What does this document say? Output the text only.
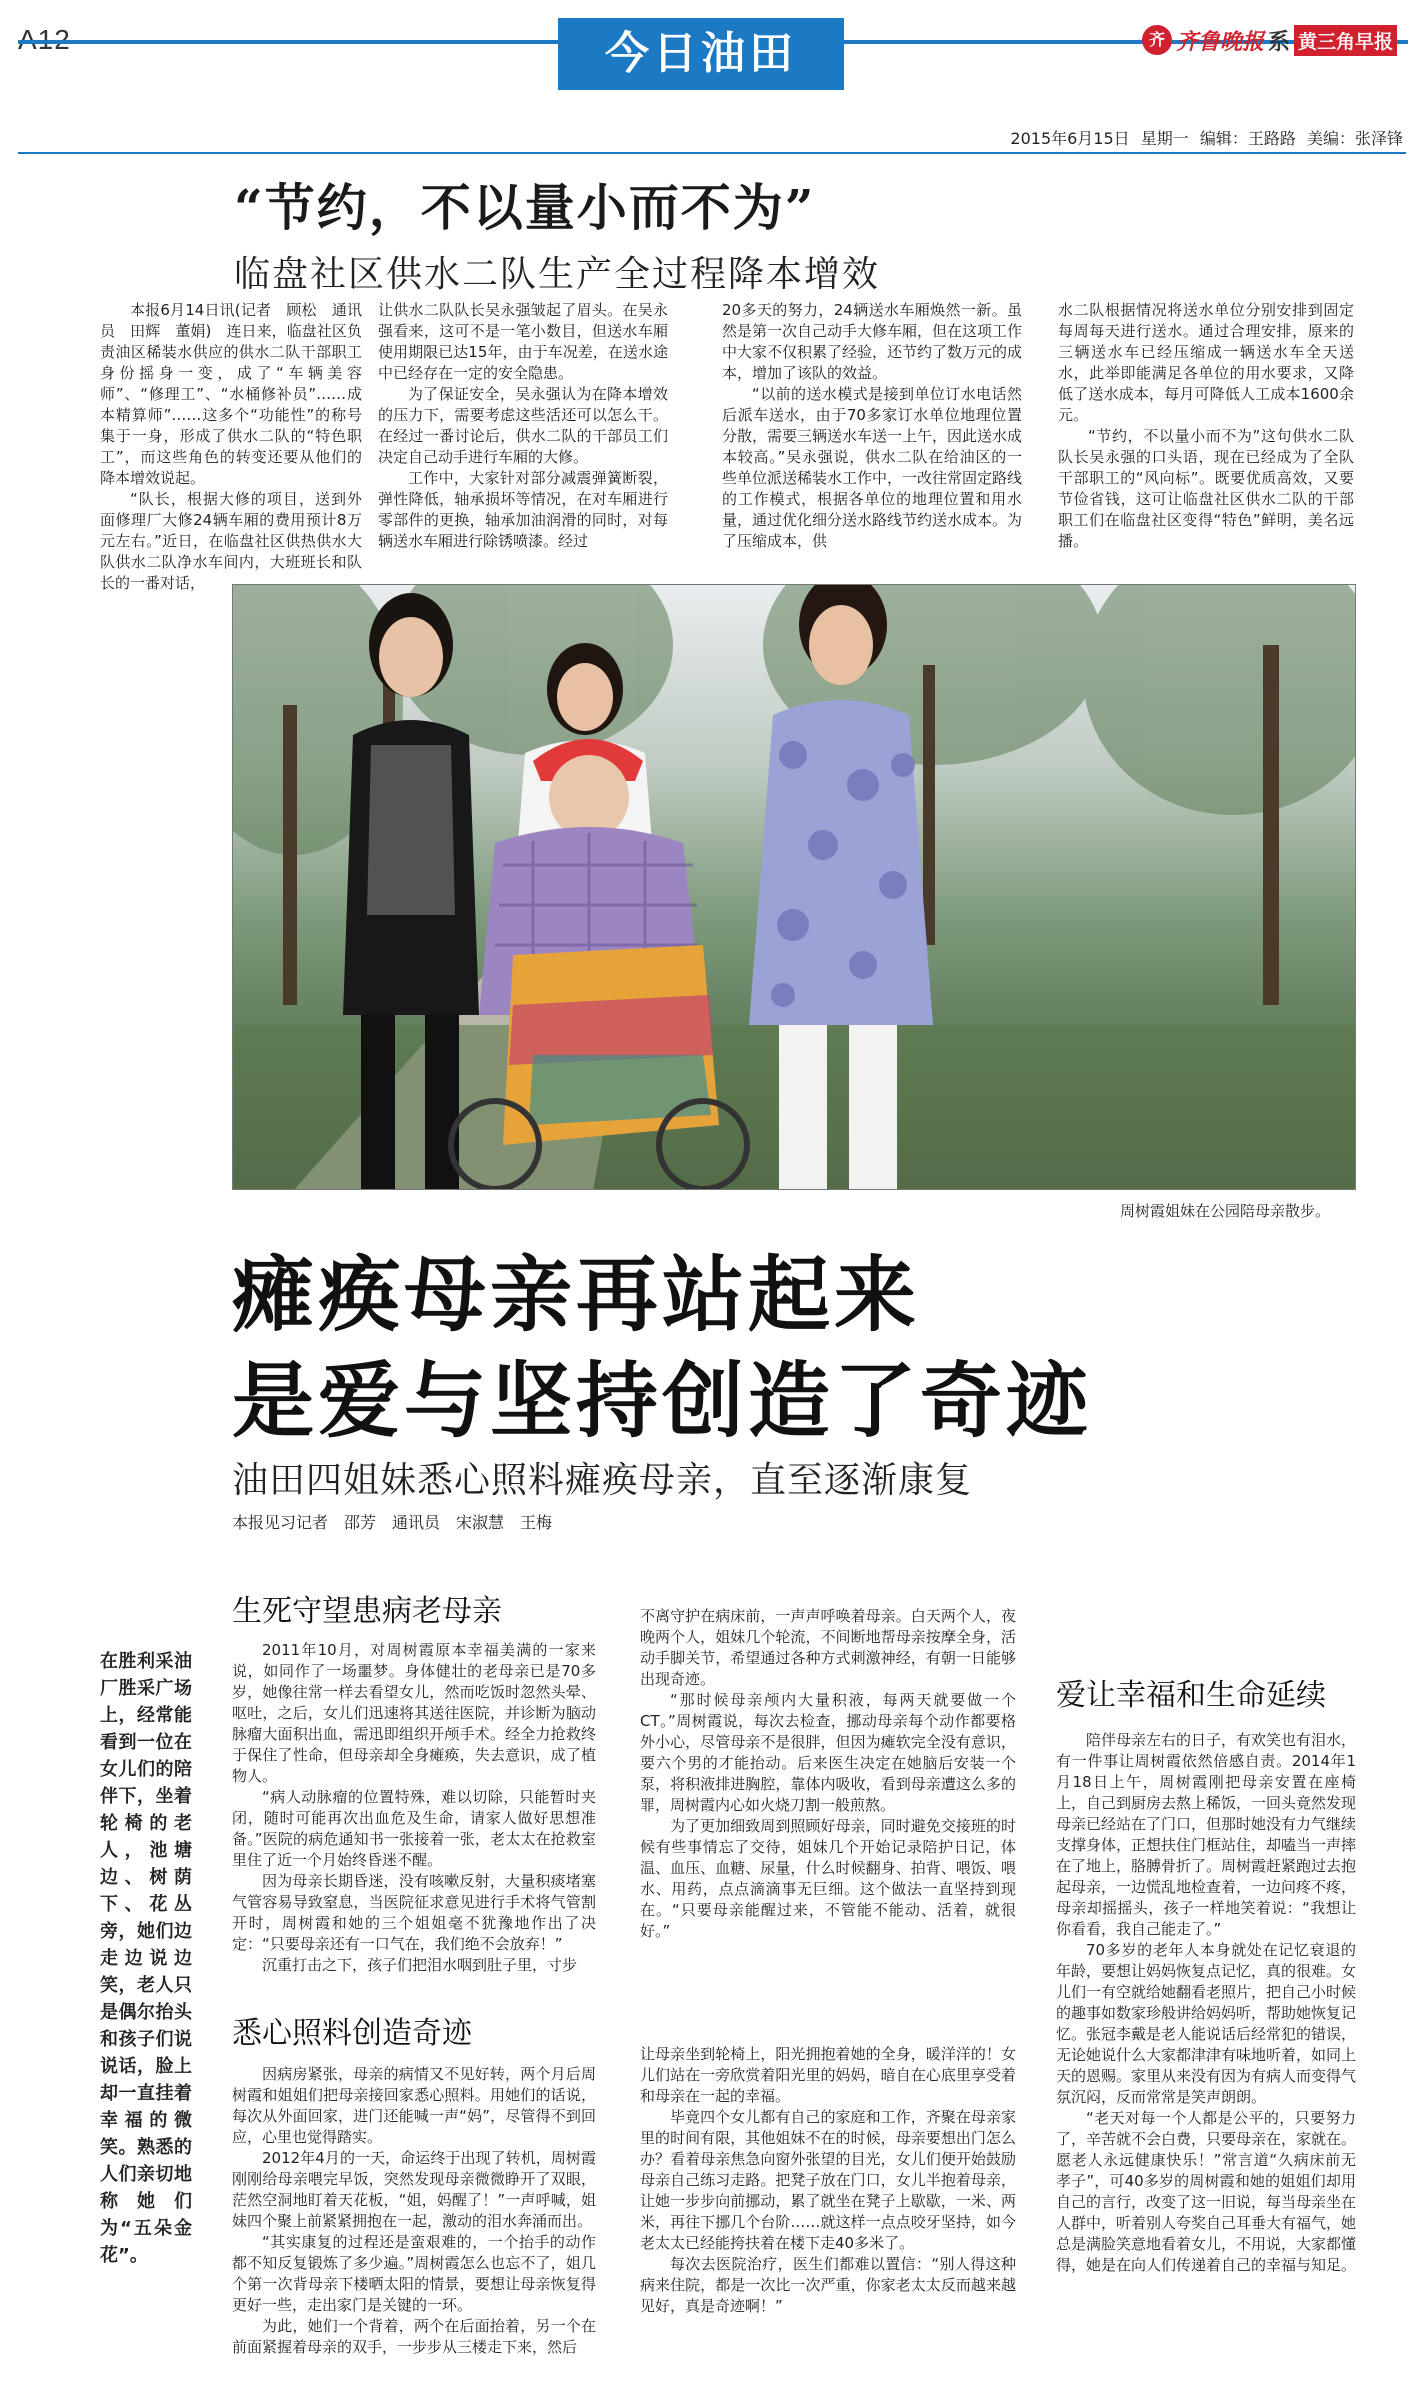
今日油田	齐 齐鲁晚报 系 黄三角早报
2015年6月15日 星期一 编辑：王路路 美编：张泽锋
“节约，不以量小而不为”
临盘社区供水二队生产全过程降本增效

本报6月14日讯(记者　顾松　通讯员　田辉　董娟)　连日来，临盘社区负责油区稀装水供应的供水二队干部职工身份摇身一变，成了“车辆美容师”、“修理工”、“水桶修补员”……成本精算师”……这多个“功能性”的称号集于一身，形成了供水二队的“特色职工”，而这些角色的转变还要从他们的降本增效说起。

“队长，根据大修的项目，送到外面修理厂大修24辆车厢的费用预计8万元左右。”近日，在临盘社区供热供水大队供水二队净水车间内，大班班长和队长的一番对话，

让供水二队队长吴永强皱起了眉头。在吴永强看来，这可不是一笔小数目，但送水车厢使用期限已达15年，由于车况差，在送水途中已经存在一定的安全隐患。

为了保证安全，吴永强认为在降本增效的压力下，需要考虑这些活还可以怎么干。在经过一番讨论后，供水二队的干部员工们决定自己动手进行车厢的大修。

工作中，大家针对部分减震弹簧断裂，弹性降低，轴承损坏等情况，在对车厢进行零部件的更换，轴承加油润滑的同时，对每辆送水车厢进行除锈喷漆。经过

20多天的努力，24辆送水车厢焕然一新。虽然是第一次自己动手大修车厢，但在这项工作中大家不仅积累了经验，还节约了数万元的成本，增加了该队的效益。

“以前的送水模式是接到单位订水电话然后派车送水，由于70多家订水单位地理位置分散，需要三辆送水车送一上午，因此送水成本较高。”吴永强说，供水二队在给油区的一些单位派送稀装水工作中，一改往常固定路线的工作模式，根据各单位的地理位置和用水量，通过优化细分送水路线节约送水成本。为了压缩成本，供

水二队根据情况将送水单位分别安排到固定每周每天进行送水。通过合理安排，原来的三辆送水车已经压缩成一辆送水车全天送水，此举即能满足各单位的用水要求，又降低了送水成本，每月可降低人工成本1600余元。

“节约，不以量小而不为”这句供水二队队长吴永强的口头语，现在已经成为了全队干部职工的“风向标”。既要优质高效，又要节俭省钱，这可让临盘社区供水二队的干部职工们在临盘社区变得“特色”鲜明，美名远播。

周树霞姐妹在公园陪母亲散步。
瘫痪母亲再站起来
是爱与坚持创造了奇迹
油田四姐妹悉心照料瘫痪母亲，直至逐渐康复
本报见习记者　邵芳　通讯员　宋淑慧　王梅
在胜利采油厂胜采广场上，经常能看到一位在女儿们的陪伴下，坐着轮椅的老人，池塘边、树荫下、花丛旁，她们边走边说边笑，老人只是偶尔抬头和孩子们说说话，脸上却一直挂着幸福的微笑。熟悉的人们亲切地称她们为“五朵金花”。
生死守望患病老母亲

2011年10月，对周树霞原本幸福美满的一家来说，如同作了一场噩梦。身体健壮的老母亲已是70多岁，她像往常一样去看望女儿，然而吃饭时忽然头晕、呕吐，之后，女儿们迅速将其送往医院，并诊断为脑动脉瘤大面积出血，需迅即组织开颅手术。经全力抢救终于保住了性命，但母亲却全身瘫痪，失去意识，成了植物人。

“病人动脉瘤的位置特殊，难以切除，只能暂时夹闭，随时可能再次出血危及生命，请家人做好思想准备。”医院的病危通知书一张接着一张，老太太在抢救室里住了近一个月始终昏迷不醒。

因为母亲长期昏迷，没有咳嗽反射，大量积痰堵塞气管容易导致窒息，当医院征求意见进行手术将气管割开时，周树霞和她的三个姐姐毫不犹豫地作出了决定：“只要母亲还有一口气在，我们绝不会放弃！”

沉重打击之下，孩子们把泪水咽到肚子里，寸步

不离守护在病床前，一声声呼唤着母亲。白天两个人，夜晚两个人，姐妹几个轮流，不间断地帮母亲按摩全身，活动手脚关节，希望通过各种方式刺激神经，有朝一日能够出现奇迹。

“那时候母亲颅内大量积液，每两天就要做一个CT。”周树霞说，每次去检查，挪动母亲每个动作都要格外小心，尽管母亲不是很胖，但因为瘫软完全没有意识，要六个男的才能抬动。后来医生决定在她脑后安装一个泵，将积液排进胸腔，靠体内吸收，看到母亲遭这么多的罪，周树霞内心如火烧刀割一般煎熬。

为了更加细致周到照顾好母亲，同时避免交接班的时候有些事情忘了交待，姐妹几个开始记录陪护日记，体温、血压、血糖、尿量，什么时候翻身、拍背、喂饭、喂水、用药，点点滴滴事无巨细。这个做法一直坚持到现在。“只要母亲能醒过来，不管能不能动、活着，就很好。”

悉心照料创造奇迹

因病房紧张，母亲的病情又不见好转，两个月后周树霞和姐姐们把母亲接回家悉心照料。用她们的话说，每次从外面回家，进门还能喊一声“妈”，尽管得不到回应，心里也觉得踏实。

2012年4月的一天，命运终于出现了转机，周树霞刚刚给母亲喂完早饭，突然发现母亲微微睁开了双眼，茫然空洞地盯着天花板，“姐，妈醒了！”一声呼喊，姐妹四个聚上前紧紧拥抱在一起，激动的泪水奔涌而出。

“其实康复的过程还是蛮艰难的，一个抬手的动作都不知反复锻炼了多少遍。”周树霞怎么也忘不了，姐几个第一次背母亲下楼晒太阳的情景，要想让母亲恢复得更好一些，走出家门是关键的一环。

为此，她们一个背着，两个在后面抬着，另一个在前面紧握着母亲的双手，一步步从三楼走下来，然后

让母亲坐到轮椅上，阳光拥抱着她的全身，暖洋洋的！女儿们站在一旁欣赏着阳光里的妈妈，暗自在心底里享受着和母亲在一起的幸福。

毕竟四个女儿都有自己的家庭和工作，齐聚在母亲家里的时间有限，其他姐妹不在的时候，母亲要想出门怎么办？看着母亲焦急向窗外张望的目光，女儿们便开始鼓励母亲自己练习走路。把凳子放在门口，女儿半抱着母亲，让她一步步向前挪动，累了就坐在凳子上歇歇，一米、两米，再往下挪几个台阶……就这样一点点咬牙坚持，如今老太太已经能挎扶着在楼下走40多米了。

每次去医院治疗，医生们都难以置信：“别人得这种病来住院，都是一次比一次严重，你家老太太反而越来越见好，真是奇迹啊！”

爱让幸福和生命延续

陪伴母亲左右的日子，有欢笑也有泪水，有一件事让周树霞依然倍感自责。2014年1月18日上午，周树霞刚把母亲安置在座椅上，自己到厨房去熬上稀饭，一回头竟然发现母亲已经站在了门口，但那时她没有力气继续支撑身体，正想扶住门框站住，却嗑当一声摔在了地上，胳膊骨折了。周树霞赶紧跑过去抱起母亲，一边慌乱地检查着，一边问疼不疼，母亲却摇摇头，孩子一样地笑着说：“我想让你看看，我自己能走了。”

70多岁的老年人本身就处在记忆衰退的年龄，要想让妈妈恢复点记忆，真的很难。女儿们一有空就给她翻看老照片，把自己小时候的趣事如数家珍般讲给妈妈听，帮助她恢复记忆。张冠李戴是老人能说话后经常犯的错误，无论她说什么大家都津津有味地听着，如同上天的恩赐。家里从来没有因为有病人而变得气氛沉闷，反而常常是笑声朗朗。

“老天对每一个人都是公平的，只要努力了，辛苦就不会白费，只要母亲在，家就在。愿老人永远健康快乐！”常言道“久病床前无孝子”，可40多岁的周树霞和她的姐姐们却用自己的言行，改变了这一旧说，每当母亲坐在人群中，听着别人夸奖自己耳垂大有福气，她总是满脸笑意地看着女儿，不用说，大家都懂得，她是在向人们传递着自己的幸福与知足。
